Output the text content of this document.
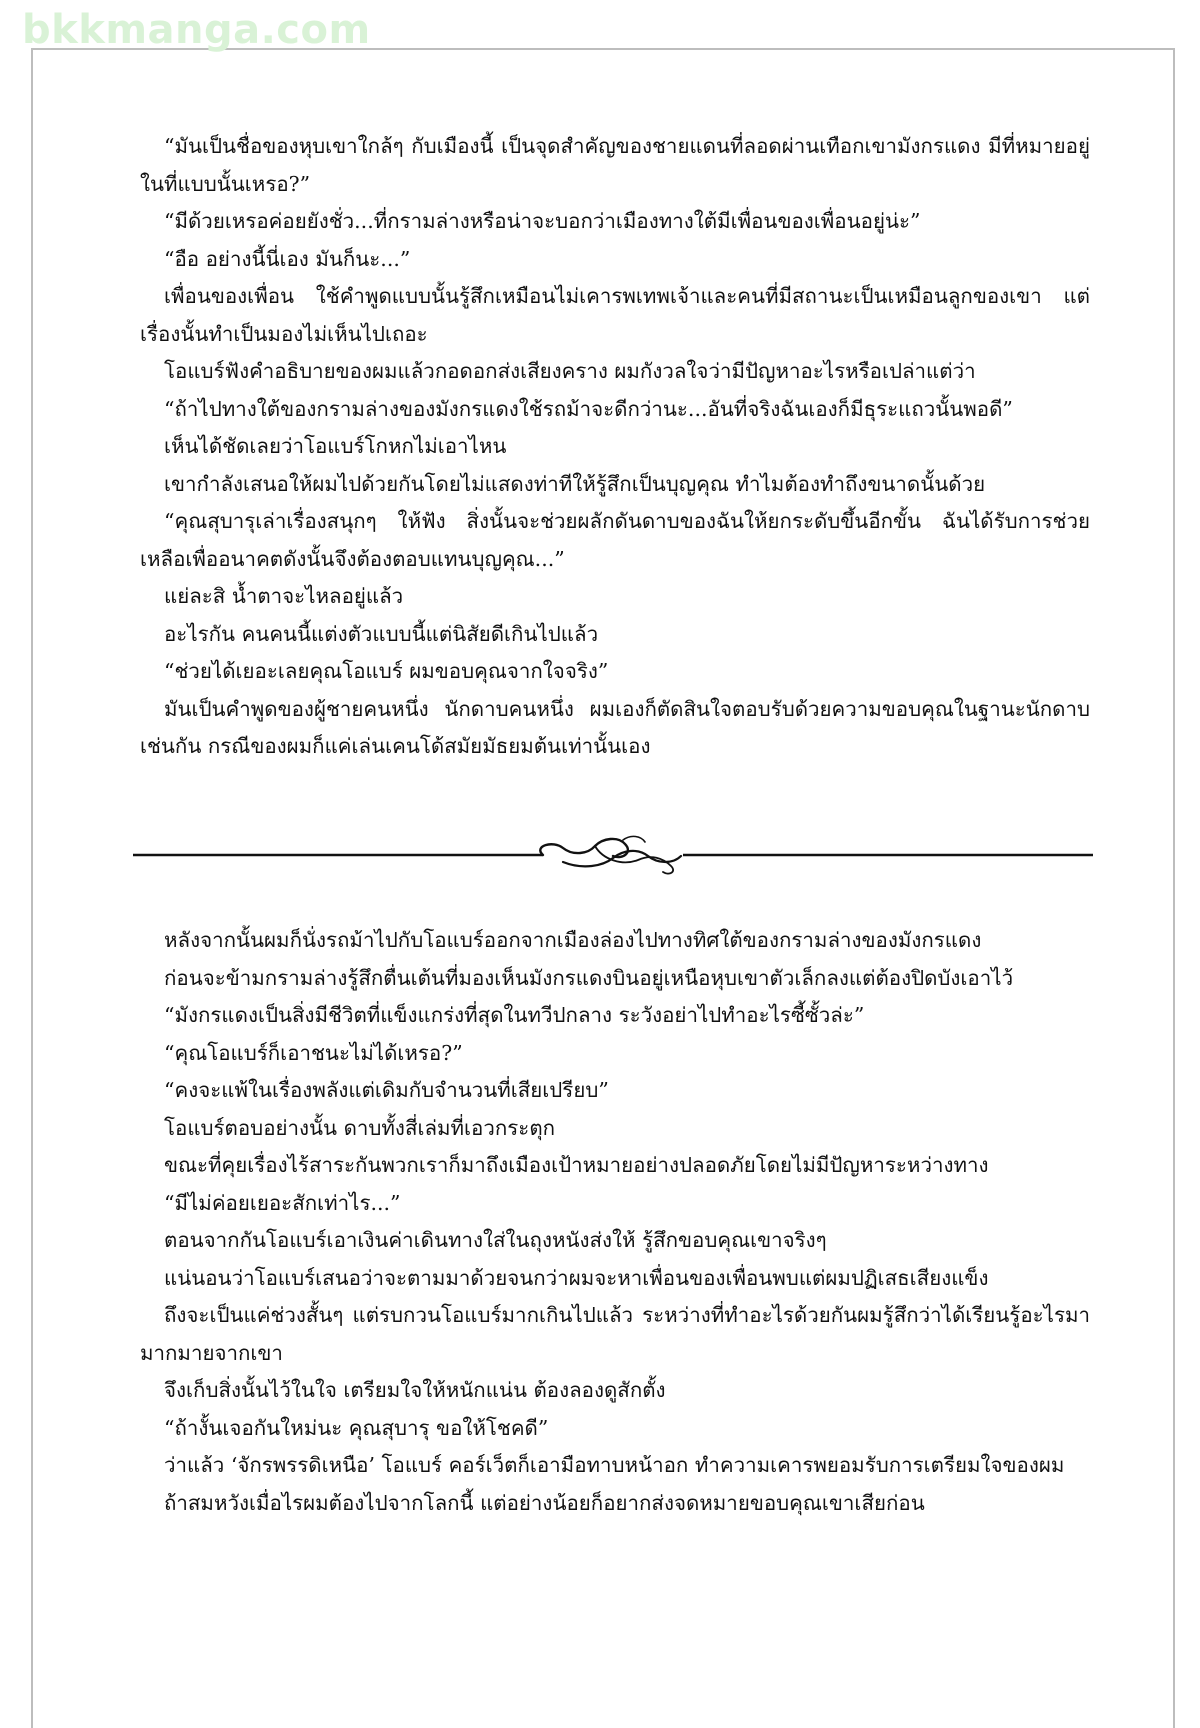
bkkmanga.com

“มันเป็นชื่อของหุบเขาใกล้ๆ กับเมืองนี้ เป็นจุดสำคัญของชายแดนที่ลอดผ่านเทือกเขามังกรแดง มีที่หมายอยู่ในที่แบบนั้นเหรอ?”

“มีด้วยเหรอค่อยยังชั่ว...ที่กรามล่างหรือน่าจะบอกว่าเมืองทางใต้มีเพื่อนของเพื่อนอยู่น่ะ”

“อือ อย่างนี้นี่เอง มันก็นะ...”

เพื่อนของเพื่อน ใช้คำพูดแบบนั้นรู้สึกเหมือนไม่เคารพเทพเจ้าและคนที่มีสถานะเป็นเหมือนลูกของเขา แต่เรื่องนั้นทำเป็นมองไม่เห็นไปเถอะ

โอแบร์ฟังคำอธิบายของผมแล้วกอดอกส่งเสียงคราง ผมกังวลใจว่ามีปัญหาอะไรหรือเปล่าแต่ว่า

“ถ้าไปทางใต้ของกรามล่างของมังกรแดงใช้รถม้าจะดีกว่านะ...อันที่จริงฉันเองก็มีธุระแถวนั้นพอดี”

เห็นได้ชัดเลยว่าโอแบร์โกหกไม่เอาไหน

เขากำลังเสนอให้ผมไปด้วยกันโดยไม่แสดงท่าทีให้รู้สึกเป็นบุญคุณ ทำไมต้องทำถึงขนาดนั้นด้วย

“คุณสุบารุเล่าเรื่องสนุกๆ ให้ฟัง สิ่งนั้นจะช่วยผลักดันดาบของฉันให้ยกระดับขึ้นอีกขั้น ฉันได้รับการช่วยเหลือเพื่ออนาคตดังนั้นจึงต้องตอบแทนบุญคุณ...”

แย่ละสิ น้ำตาจะไหลอยู่แล้ว

อะไรกัน คนคนนี้แต่งตัวแบบนี้แต่นิสัยดีเกินไปแล้ว

“ช่วยได้เยอะเลยคุณโอแบร์ ผมขอบคุณจากใจจริง”

มันเป็นคำพูดของผู้ชายคนหนึ่ง นักดาบคนหนึ่ง ผมเองก็ตัดสินใจตอบรับด้วยความขอบคุณในฐานะนักดาบเช่นกัน กรณีของผมก็แค่เล่นเคนโด้สมัยมัธยมต้นเท่านั้นเอง

หลังจากนั้นผมก็นั่งรถม้าไปกับโอแบร์ออกจากเมืองล่องไปทางทิศใต้ของกรามล่างของมังกรแดง

ก่อนจะข้ามกรามล่างรู้สึกตื่นเต้นที่มองเห็นมังกรแดงบินอยู่เหนือหุบเขาตัวเล็กลงแต่ต้องปิดบังเอาไว้

“มังกรแดงเป็นสิ่งมีชีวิตที่แข็งแกร่งที่สุดในทวีปกลาง ระวังอย่าไปทำอะไรซี้ซั้วล่ะ”

“คุณโอแบร์ก็เอาชนะไม่ได้เหรอ?”

“คงจะแพ้ในเรื่องพลังแต่เดิมกับจำนวนที่เสียเปรียบ”

โอแบร์ตอบอย่างนั้น ดาบทั้งสี่เล่มที่เอวกระตุก

ขณะที่คุยเรื่องไร้สาระกันพวกเราก็มาถึงเมืองเป้าหมายอย่างปลอดภัยโดยไม่มีปัญหาระหว่างทาง

“มีไม่ค่อยเยอะสักเท่าไร...”

ตอนจากกันโอแบร์เอาเงินค่าเดินทางใส่ในถุงหนังส่งให้ รู้สึกขอบคุณเขาจริงๆ

แน่นอนว่าโอแบร์เสนอว่าจะตามมาด้วยจนกว่าผมจะหาเพื่อนของเพื่อนพบแต่ผมปฏิเสธเสียงแข็ง

ถึงจะเป็นแค่ช่วงสั้นๆ แต่รบกวนโอแบร์มากเกินไปแล้ว ระหว่างที่ทำอะไรด้วยกันผมรู้สึกว่าได้เรียนรู้อะไรมามากมายจากเขา

จึงเก็บสิ่งนั้นไว้ในใจ เตรียมใจให้หนักแน่น ต้องลองดูสักตั้ง

“ถ้างั้นเจอกันใหม่นะ คุณสุบารุ ขอให้โชคดี”

ว่าแล้ว ‘จักรพรรดิเหนือ’ โอแบร์ คอร์เว็ตก็เอามือทาบหน้าอก ทำความเคารพยอมรับการเตรียมใจของผม

ถ้าสมหวังเมื่อไรผมต้องไปจากโลกนี้ แต่อย่างน้อยก็อยากส่งจดหมายขอบคุณเขาเสียก่อน
